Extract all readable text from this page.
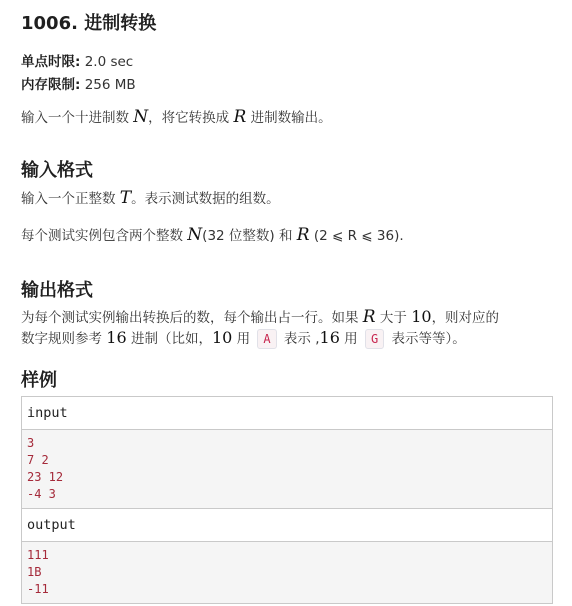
1006. 进制转换
单点时限: 2.0 sec
内存限制: 256 MB
输入一个十进制数 N，将它转换成 R 进制数输出。
输入格式
输入一个正整数 T。表示测试数据的组数。
每个测试实例包含两个整数 N(32 位整数) 和 R (2 ⩽ R ⩽ 36).
输出格式
为每个测试实例输出转换后的数，每个输出占一行。如果 R 大于 10，则对应的
数字规则参考 16 进制（比如，10 用 A 表示 ,16 用 G 表示等等）。
样例
input
3
7 2
23 12
-4 3
output
111
1B
-11
